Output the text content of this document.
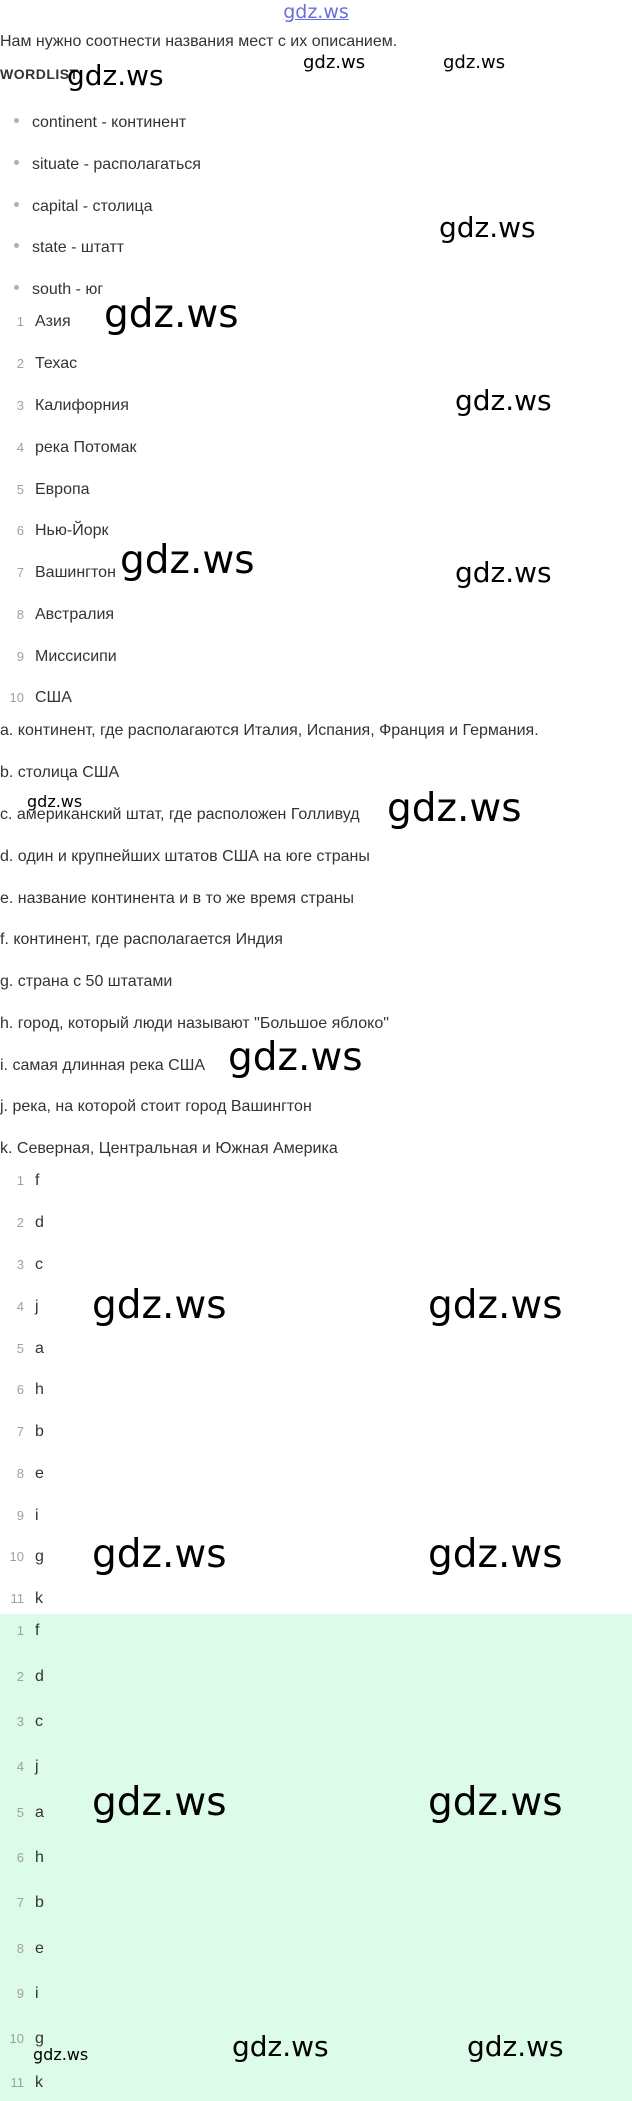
gdz.ws
Нам нужно соотнести названия мест с их описанием.
WORDLIST
continent - континент
situate - располагаться
capital - столица
state - штатт
south - юг
1 Азия
2 Техас
3 Калифорния
4 река Потомак
5 Европа
6 Нью-Йорк
7 Вашингтон
8 Австралия
9 Миссисипи
10 США
a. континент, где располагаются Италия, Испания, Франция и Германия.
b. столица США
c. американский штат, где расположен Голливуд
d. один и крупнейших штатов США на юге страны
e. название континента и в то же время страны
f. континент, где располагается Индия
g. страна с 50 штатами
h. город, который люди называют "Большое яблоко"
i. самая длинная река США
j. река, на которой стоит город Вашингтон
k. Северная, Центральная и Южная Америка
1 f
2 d
3 c
4 j
5 a
6 h
7 b
8 e
9 i
10 g
11 k
1 f
2 d
3 c
4 j
5 a
6 h
7 b
8 e
9 i
10 g
11 k
gdz.ws	gdz.ws	gdz.ws
gdz.ws
gdz.ws
gdz.ws
gdz.ws	gdz.ws
gdz.ws	gdz.ws
gdz.ws
gdz.ws	gdz.ws
gdz.ws	gdz.ws
gdz.ws	gdz.ws
gdz.ws	gdz.ws
gdz.ws
